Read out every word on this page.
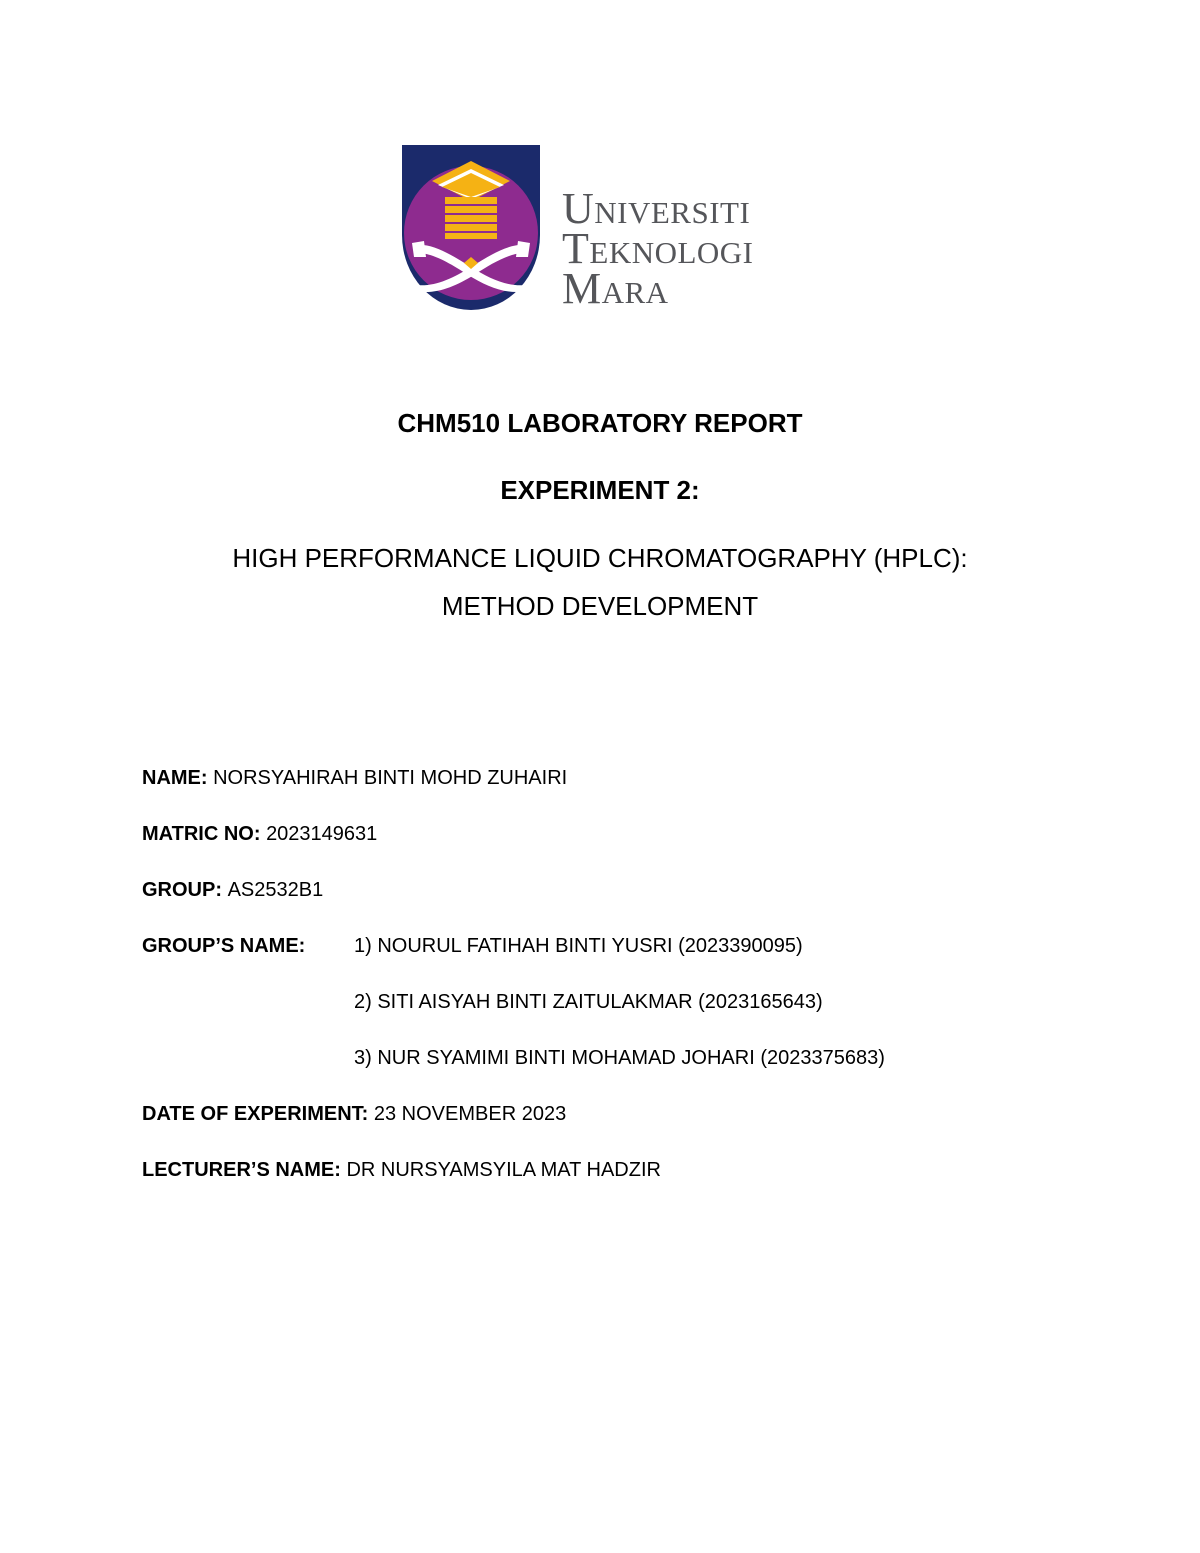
Universiti
Teknologi
Mara
CHM510 LABORATORY REPORT
EXPERIMENT 2:
HIGH PERFORMANCE LIQUID CHROMATOGRAPHY (HPLC):
METHOD DEVELOPMENT
NAME: NORSYAHIRAH BINTI MOHD ZUHAIRI
MATRIC NO: 2023149631
GROUP: AS2532B1
GROUP’S NAME: 1) NOURUL FATIHAH BINTI YUSRI (2023390095)
2) SITI AISYAH BINTI ZAITULAKMAR (2023165643)
3) NUR SYAMIMI BINTI MOHAMAD JOHARI (2023375683)
DATE OF EXPERIMENT: 23 NOVEMBER 2023
LECTURER’S NAME: DR NURSYAMSYILA MAT HADZIR
